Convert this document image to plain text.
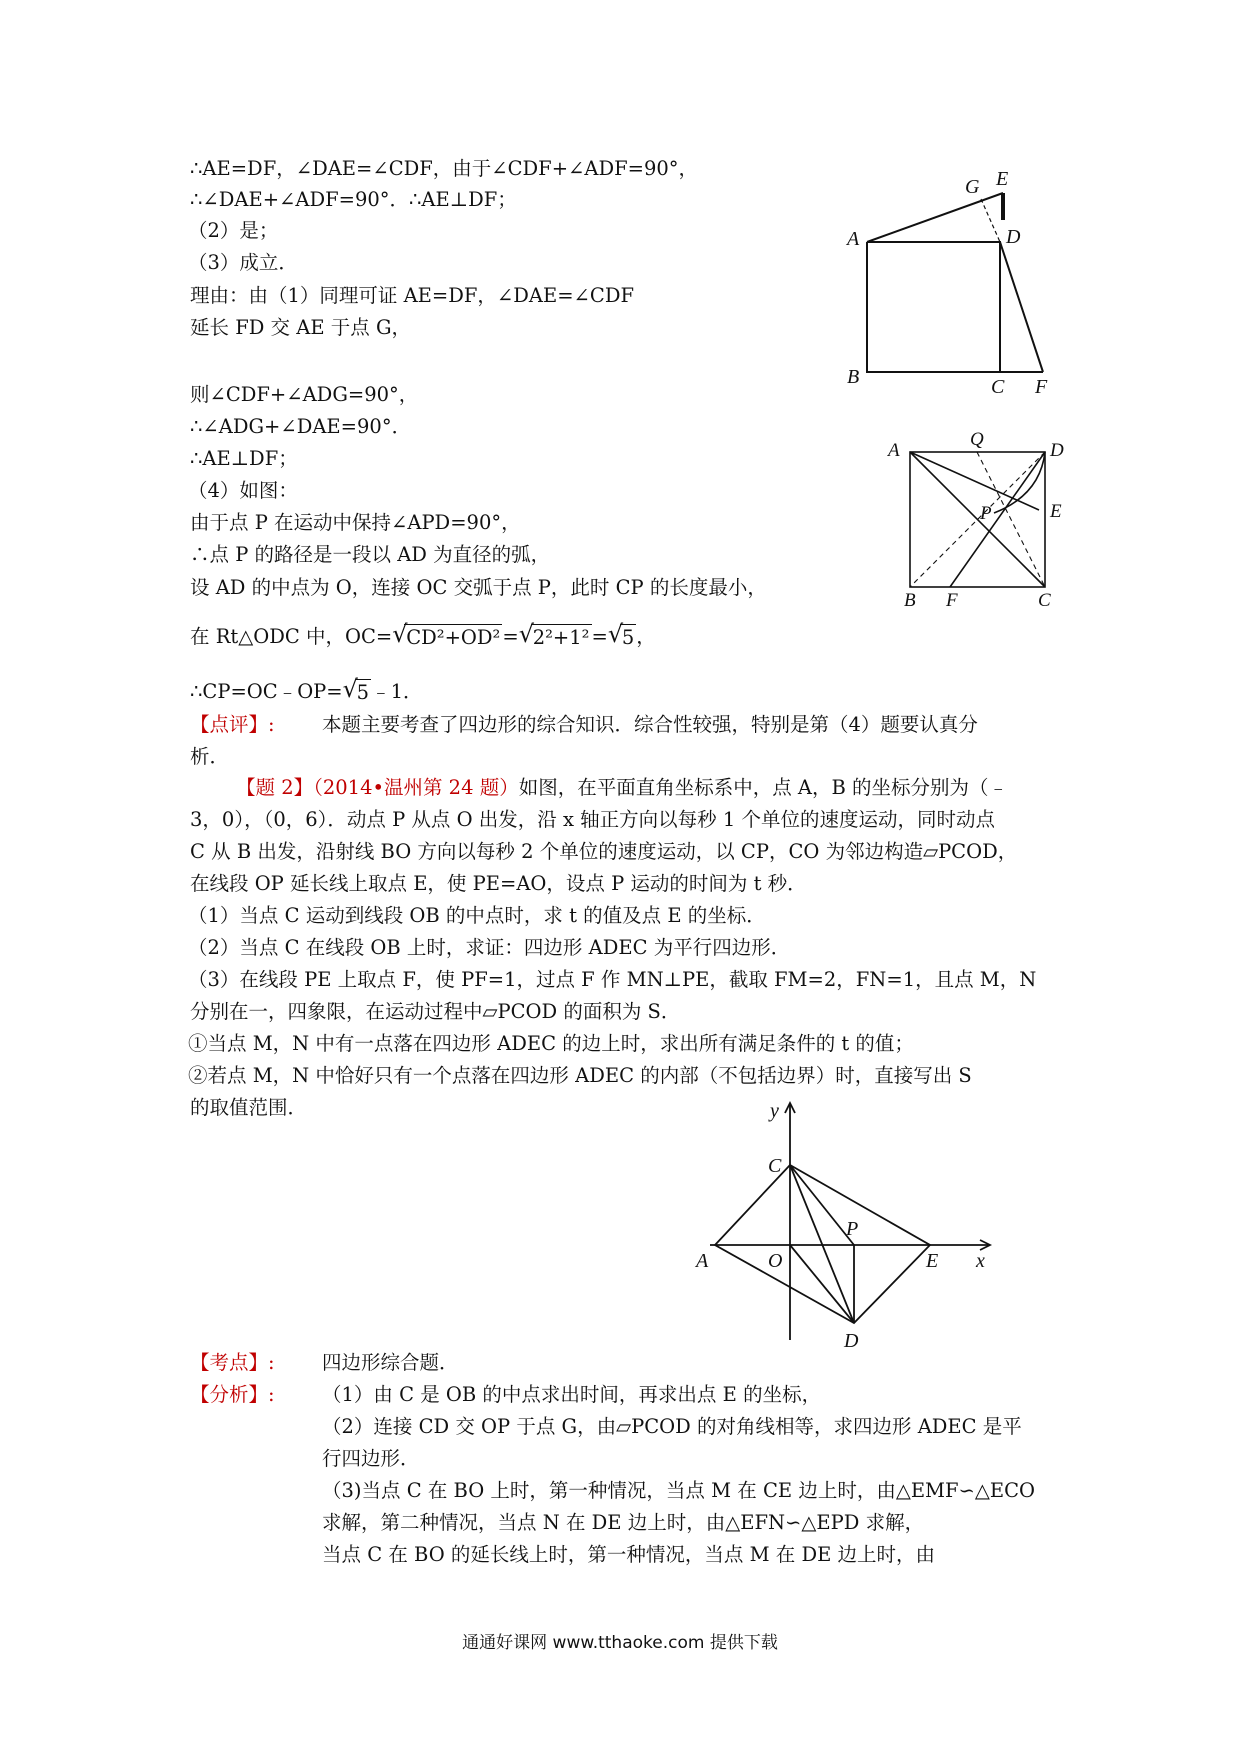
∴AE=DF，∠DAE=∠CDF，由于∠CDF+∠ADF=90°，
∴∠DAE+∠ADF=90°．∴AE⊥DF；
（2）是；
（3）成立．
理由：由（1）同理可证 AE=DF，∠DAE=∠CDF
延长 FD 交 AE 于点 G，
则∠CDF+∠ADG=90°，
∴∠ADG+∠DAE=90°．
∴AE⊥DF；
（4）如图：
由于点 P 在运动中保持∠APD=90°，
∴点 P 的路径是一段以 AD 为直径的弧，
设 AD 的中点为 O，连接 OC 交弧于点 P，此时 CP 的长度最小，
在 Rt△ODC 中，OC= √
CD²+OD² = √
2²+1² = √
5 ，
∴CP=OC﹣OP= √
5 ﹣1．
【点评】: 本题主要考查了四边形的综合知识．综合性较强，特别是第（4）题要认真分
析．
【题 2】（2014•温州第 24 题）如图，在平面直角坐标系中，点 A，B 的坐标分别为（﹣
3，0），（0，6）．动点 P 从点 O 出发，沿 x 轴正方向以每秒 1 个单位的速度运动，同时动点
C 从 B 出发，沿射线 BO 方向以每秒 2 个单位的速度运动，以 CP，CO 为邻边构造▱PCOD，
在线段 OP 延长线上取点 E，使 PE=AO，设点 P 运动的时间为 t 秒．
（1）当点 C 运动到线段 OB 的中点时，求 t 的值及点 E 的坐标．
（2）当点 C 在线段 OB 上时，求证：四边形 ADEC 为平行四边形．
（3）在线段 PE 上取点 F，使 PF=1，过点 F 作 MN⊥PE，截取 FM=2，FN=1，且点 M，N
分别在一，四象限，在运动过程中▱PCOD 的面积为 S．
①当点 M，N 中有一点落在四边形 ADEC 的边上时，求出所有满足条件的 t 的值；
②若点 M，N 中恰好只有一个点落在四边形 ADEC 的内部（不包括边界）时，直接写出 S
的取值范围．
【考点】: 四边形综合题．
【分析】: （1）由 C 是 OB 的中点求出时间，再求出点 E 的坐标，
（2）连接 CD 交 OP 于点 G，由▱PCOD 的对角线相等，求四边形 ADEC 是平
行四边形．
（3)当点 C 在 BO 上时，第一种情况，当点 M 在 CE 边上时，由△EMF∽△ECO
求解，第二种情况，当点 N 在 DE 边上时，由△EFN∽△EPD 求解，
当点 C 在 BO 的延长线上时，第一种情况，当点 M 在 DE 边上时，由
G E
A	D
B	C F
Q
A	D
P	E
B F	C
y
C
P
A	O	E x
D
通通好课网 www.tthaoke.com 提供下载
